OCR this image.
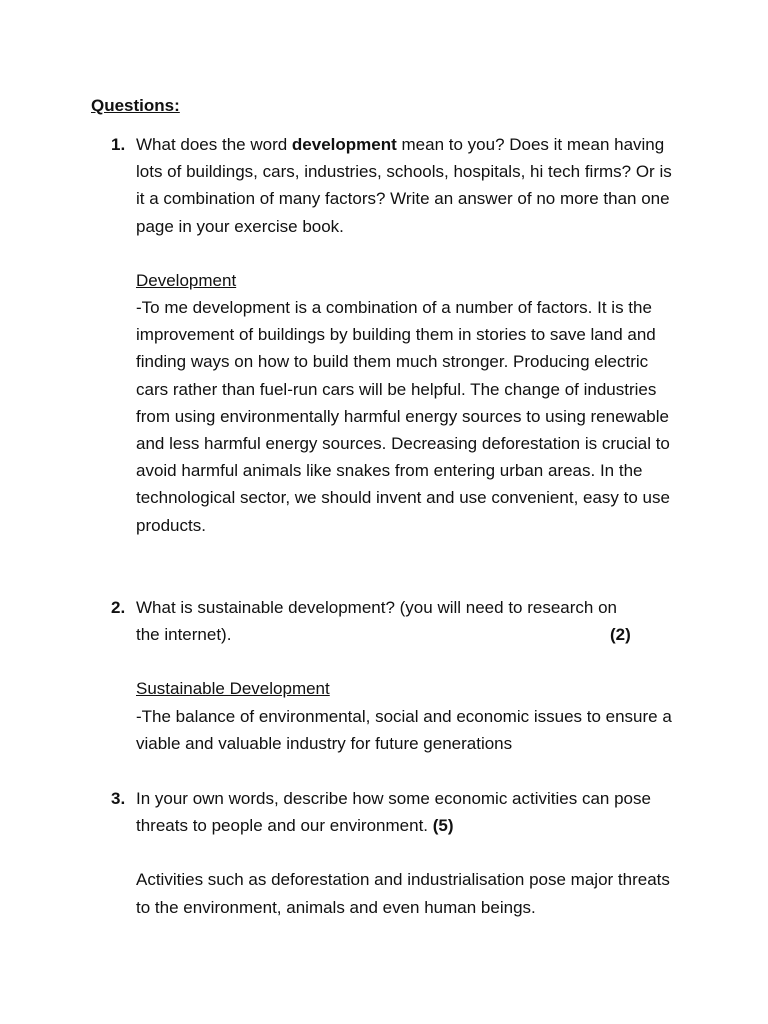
Questions:

1. What does the word development mean to you? Does it mean having lots of buildings, cars, industries, schools, hospitals, hi tech firms? Or is it a combination of many factors? Write an answer of no more than one page in your exercise book.

Development

-To me development is a combination of a number of factors. It is the improvement of buildings by building them in stories to save land and finding ways on how to build them much stronger. Producing electric cars rather than fuel-run cars will be helpful. The change of industries from using environmentally harmful energy sources to using renewable and less harmful energy sources. Decreasing deforestation is crucial to avoid harmful animals like snakes from entering urban areas. In the technological sector, we should invent and use convenient, easy to use products.

2. What is sustainable development? (you will need to research on
the internet).	(2)

Sustainable Development

-The balance of environmental, social and economic issues to ensure a viable and valuable industry for future generations

3. In your own words, describe how some economic activities can pose threats to people and our environment. (5)

Activities such as deforestation and industrialisation pose major threats to the environment, animals and even human beings.
